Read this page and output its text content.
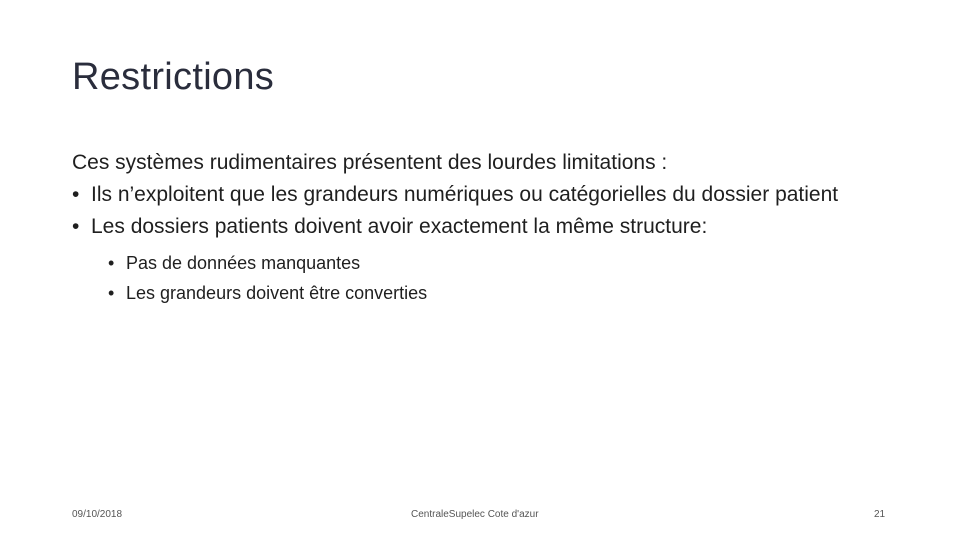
Restrictions

Ces systèmes rudimentaires présentent des lourdes limitations :

• Ils n’exploitent que les grandeurs numériques ou catégorielles du dossier patient

• Les dossiers patients doivent avoir exactement la même structure:

• Pas de données manquantes

• Les grandeurs doivent être converties

09/10/2018	CentraleSupelec Cote d'azur	21
